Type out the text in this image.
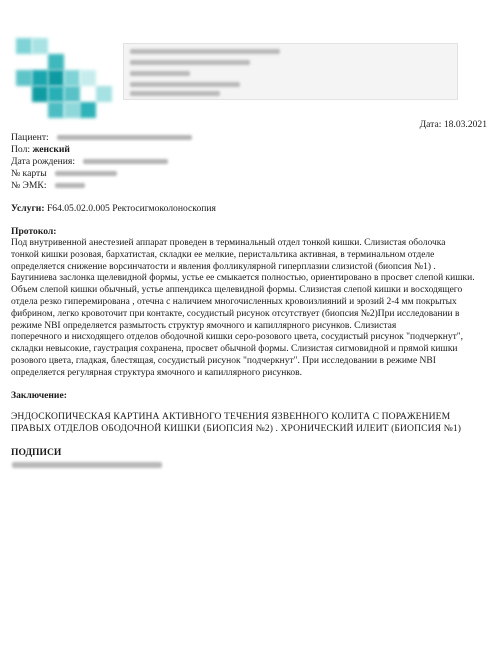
Дата: 18.03.2021
Пациент:
Пол: женский
Дата рождения:
№ карты
№ ЭМК:
Услуги: F64.05.02.0.005 Ректосигмоколоноскопия
Протокол:

Под внутривенной анестезией аппарат проведен в терминальный отдел тонкой кишки. Слизистая оболочка

тонкой кишки розовая, бархатистая, складки ее мелкие, перистальтика активная, в терминальном отделе

определяется снижение ворсинчатости и явления фолликулярной гиперплазии слизистой (биопсия №1) .

Баугиниева заслонка щелевидной формы, устье ее смыкается полностью, ориентировано в просвет слепой кишки.

Объем слепой кишки обычный, устье аппендикса щелевидной формы. Слизистая слепой кишки и восходящего

отдела резко гиперемирована , отечна с наличием многочисленных кровоизлияний и эрозий 2-4 мм покрытых

фибрином, легко кровоточит при контакте, сосудистый рисунок отсутствует (биопсия №2)При исследовании в

режиме NBI определяется размытость структур ямочного и капиллярного рисунков. Слизистая

поперечного и нисходящего отделов ободочной кишки серо-розового цвета, сосудистый рисунок "подчеркнут",

складки невысокие, гаустрация сохранена, просвет обычной формы. Слизистая сигмовидной и прямой кишки

розового цвета, гладкая, блестящая, сосудистый рисунок "подчеркнут". При исследовании в режиме NBI

определяется регулярная структура ямочного и капиллярного рисунков.

Заключение:
ЭНДОСКОПИЧЕСКАЯ КАРТИНА АКТИВНОГО ТЕЧЕНИЯ ЯЗВЕННОГО КОЛИТА С ПОРАЖЕНИЕМ
ПРАВЫХ ОТДЕЛОВ ОБОДОЧНОЙ КИШКИ (БИОПСИЯ №2) . ХРОНИЧЕСКИЙ ИЛЕИТ (БИОПСИЯ №1)
ПОДПИСИ
